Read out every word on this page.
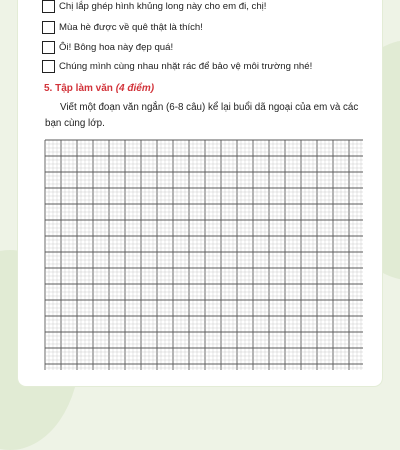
Chị lắp ghép hình khủng long này cho em đi, chị!
Mùa hè được về quê thật là thích!
Ôi! Bông hoa này đẹp quá!
Chúng mình cùng nhau nhặt rác để bảo vệ môi trường nhé!
5. Tập làm văn (4 điểm)
Viết một đoạn văn ngắn (6-8 câu) kể lại buổi dã ngoại của em và các bạn cùng lớp.
